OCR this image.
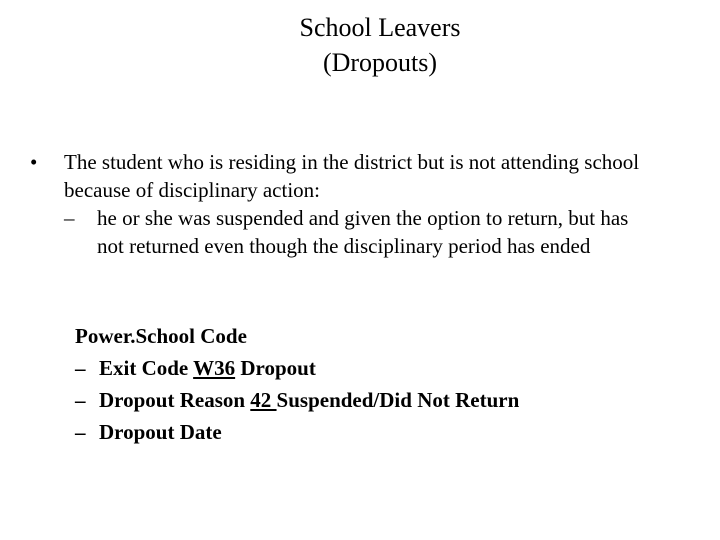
School Leavers
(Dropouts)
• The student who is residing in the district but is not attending school because of disciplinary action:
– he or she was suspended and given the option to return, but has not returned even though the disciplinary period has ended
Power.School Code
– Exit Code W36 Dropout
– Dropout Reason 42 Suspended/Did Not Return
– Dropout Date
